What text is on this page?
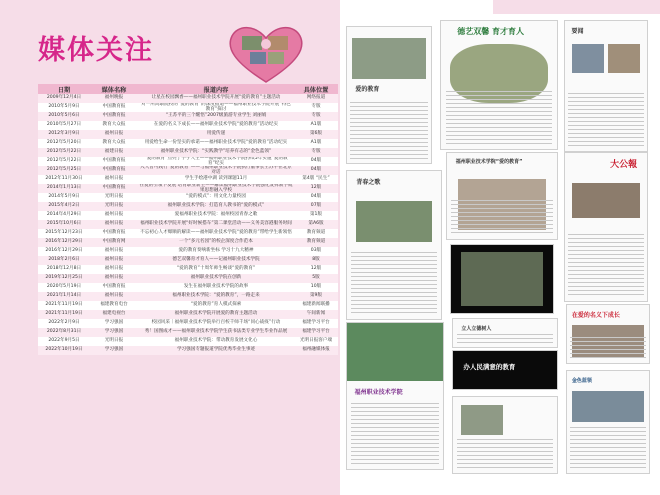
媒体关注
日期	媒体名称	报道内容	具体位置
2009年12月4日	福州晚报	让星在校园飘香——福州职业技术学院开展“爱的教育”主题活动	网络报道
2010年5月9日	中国教育报	对一所高职院校的“爱的教育”的深度报道——福州职业技术学院开展“特色教育”探讨	专版
2010年5月6日	中国教育报	“王苏平的三个醒悟”2007级旅游专业学生 刘丽娟	专版
2010年5月27日	教育大众报	在爱的名义下成长——福州职业技术学院“爱的教育”活动纪实	A1版
2012年3月9日	福州日报	用爱传递	第6版
2012年5月20日	教育大众报	用爱给生命一份坚实的承诺——福州职业技术学院“爱的教育”活动纪实	A1版
2012年5月22日	福建日报	福州职业技术学院：“实践教学”培养有志的“金色蓝领”	专版
2012年5月22日	中国教育报	“爱的教育”点亮了学子人生——福州职业技术学院持续5年实施“爱的教育”纪实	04版
2012年5月25日	中国教育报	入人皆可践行“爱的教育”——与福州职业技术学院执行董事长王苏平在北京对话	04版
2012年11月30日	福州日报	学生手绘港中湖 读到课题11月	第4版 “民生”
2014年1月13日	中国教育报	在爱的引领下发展 培育职业新生——解读福州职业技术学院强化发挥教学成果思想融入学校	12版
2014年5月9日	光明日报	“爱的模式”：用文化力量校园	04版
2015年4月2日	光明日报	福州职业技术学院：打造育人教书的“爱的模式”	07版
2014年4月29日	福州日报	爱福州职业技术学院：福州校园青春之歌	第1版
2015年10月6日	福州日报	福州职业技术学院开展“好时候搭车”第二课堂活动——义务美容港服务时间	第A6版
2015年12月23日	中国教育报	不忘初心人才爆顺的解读——福州职业技术学院“爱的教育”带给学生新领悟	教育频道
2016年12月29日	中国教育网	一个“多元名园”的校企深度合作范本	教育频道
2016年12月29日	福州日报	爱的教育奏响新坐标 学习十九大精神	03版
2018年2月6日	福州日报	德艺双馨育才育人——记福州职业技术学院	8版
2018年12月8日	福州日报	“爱的教育”十周年师生畅谈“爱的教育”	12版
2019年12月25日	福州日报	福州职业技术学院在创新	5版
2020年5月19日	中国教育报	发生在福州职业技术学院的故事	10版
2021年1月14日	福州日报	福州职业技术学院：“爱的教育”，一路走来	第9版
2021年11月19日	福建教育电台	“爱的教育”育人模式探索	福建新闻联播
2021年11月19日	福建电视台	福州职业技术学院开展爱的教育主题活动	午间新闻
2022年2月9日	学习强国	校园风采｜福州职业技术学院举行百校千师千场“同心战疫”行动	福建学习平台
2022年8月31日	学习强国	秀！国图成才——福州职业技术学院学生获书法类专业学生毕业作品展	福建学习平台
2022年9月5日	光明日报	福州职业技术学院：带动教育发展文化心	光明日报客户端
2022年10月19日	学习强国	学习强国专题报道学院优秀毕业生事迹	福州融媒体报
爱的教育
德艺双馨 育才育人	要闻
福州职业技术学院“爱的教育”	大公報
青春之歌
福州职业技术学院
在爱的名义下成长
立人立德树人
办人民满意的教育
金色蓝领
